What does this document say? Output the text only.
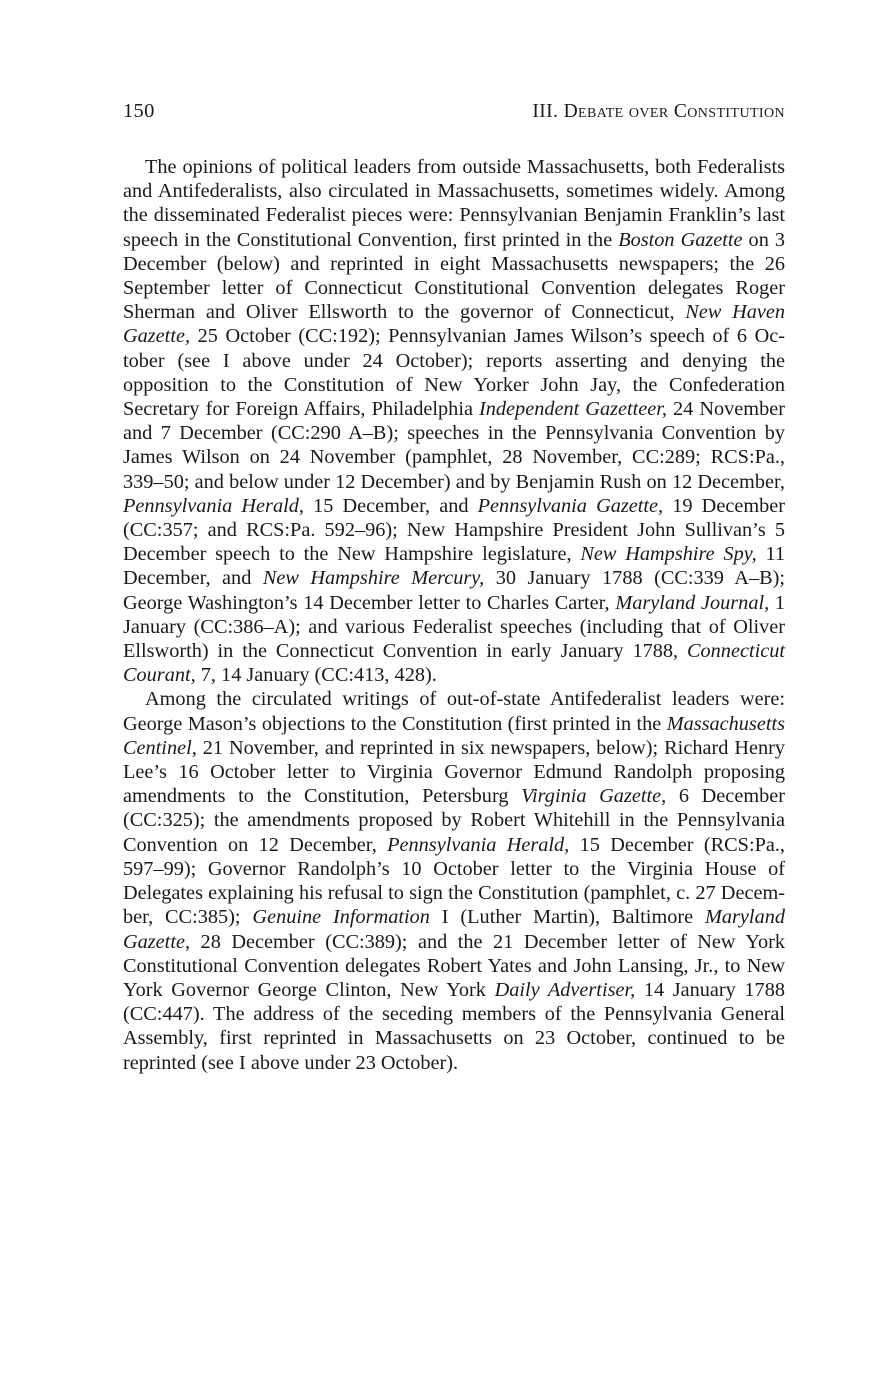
150	III. Debate over Constitution

The opinions of political leaders from outside Massachusetts, both Federalists and Antifederalists, also circulated in Massachusetts, sometimes widely. Among the disseminated Federalist pieces were: Pennsylvanian Benjamin Franklin’s last speech in the Constitutional Convention, first printed in the Boston Gazette on 3 December (below) and reprinted in eight Massachusetts newspapers; the 26 September letter of Connecticut Constitutional Convention delegates Roger Sherman and Oliver Ellsworth to the governor of Connecticut, New Haven Gazette, 25 October (CC:192); Pennsylvanian James Wilson’s speech of 6 October (see I above under 24 October); reports asserting and denying the opposition to the Constitution of New Yorker John Jay, the Confederation Secretary for Foreign Affairs, Philadelphia Independent Gazetteer, 24 November and 7 December (CC:290 A–B); speeches in the Pennsylvania Convention by James Wilson on 24 November (pamphlet, 28 November, CC:289; RCS:Pa., 339–50; and below under 12 December) and by Benjamin Rush on 12 December, Pennsylvania Herald, 15 December, and Pennsylvania Gazette, 19 December (CC:357; and RCS:Pa. 592–96); New Hampshire President John Sullivan’s 5 December speech to the New Hampshire legislature, New Hampshire Spy, 11 December, and New Hampshire Mercury, 30 January 1788 (CC:339 A–B); George Washington’s 14 December letter to Charles Carter, Maryland Journal, 1 January (CC:386–A); and various Federalist speeches (including that of Oliver Ellsworth) in the Connecticut Convention in early January 1788, Connecticut Courant, 7, 14 January (CC:413, 428).

Among the circulated writings of out-of-state Antifederalist leaders were: George Mason’s objections to the Constitution (first printed in the Massachusetts Centinel, 21 November, and reprinted in six newspapers, below); Richard Henry Lee’s 16 October letter to Virginia Governor Edmund Randolph proposing amendments to the Constitution, Petersburg Virginia Gazette, 6 December (CC:325); the amendments proposed by Robert Whitehill in the Pennsylvania Convention on 12 December, Pennsylvania Herald, 15 December (RCS:Pa., 597–99); Governor Randolph’s 10 October letter to the Virginia House of Delegates explaining his refusal to sign the Constitution (pamphlet, c. 27 December, CC:385); Genuine Information I (Luther Martin), Baltimore Maryland Gazette, 28 December (CC:389); and the 21 December letter of New York Constitutional Convention delegates Robert Yates and John Lansing, Jr., to New York Governor George Clinton, New York Daily Advertiser, 14 January 1788 (CC:447). The address of the seceding members of the Pennsylvania General Assembly, first reprinted in Massachusetts on 23 October, continued to be reprinted (see I above under 23 October).
